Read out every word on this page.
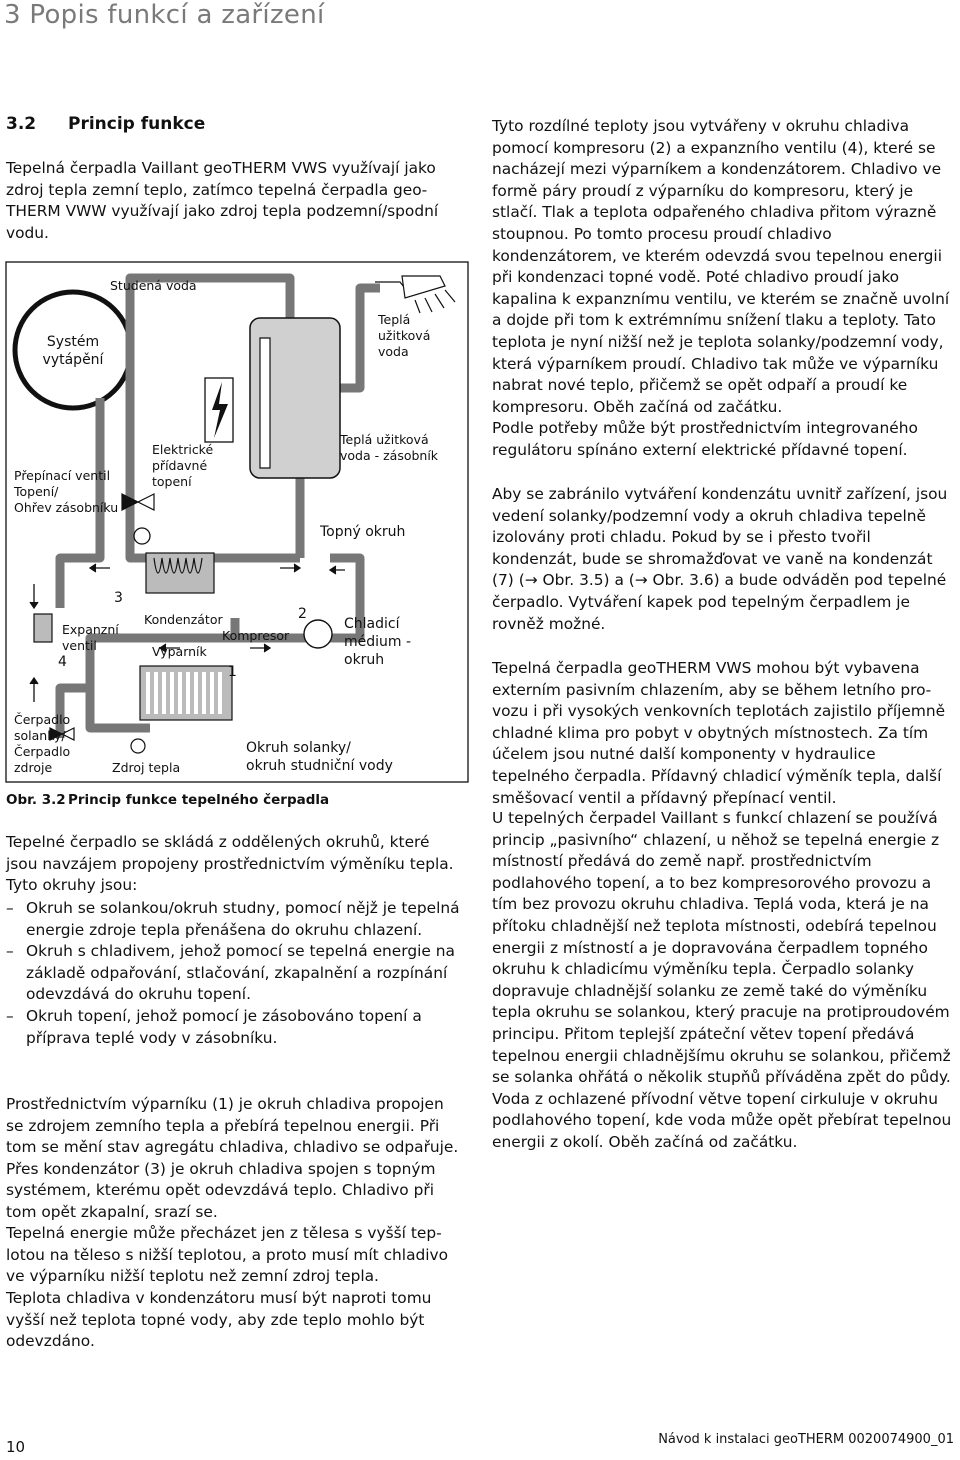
3 Popis funkcí a zařízení
3.2 Princip funkce

Tepelná čerpadla Vaillant geoTHERM VWS využívají jako zdroj tepla zemní teplo, zatímco tepelná čerpadla geoTHERM VWW využívají jako zdroj tepla podzemní/spodní vodu.

Systém
vytápění
Teplá
užitková
voda
Studená voda
Elektrické
přídavné
topení
Teplá užitková
voda - zásobník
Přepínací ventil
Topení/
Ohřev zásobníku
Topný okruh
3
Kondenzátor	2
Kompresor
Expanzní
ventil
4
Výparník
1
Chladicí
médium -
okruh
Čerpadlo
solanky/
Čerpadlo
zdroje	Zdroj tepla
Okruh solanky/
okruh studniční vody
Obr. 3.2 Princip funkce tepelného čerpadla

Tepelné čerpadlo se skládá z oddělených okruhů, které jsou navzájem propojeny prostřednictvím výměníku tepla. Tyto okruhy jsou:

– Okruh se solankou/okruh studny, pomocí nějž je tepelná energie zdroje tepla přenášena do okruhu chlazení.
– Okruh s chladivem, jehož pomocí se tepelná energie na základě odpařování, stlačování, zkapalnění a rozpínání odevzdává do okruhu topení.
– Okruh topení, jehož pomocí je zásobováno topení a příprava teplé vody v zásobníku.

Prostřednictvím výparníku (1) je okruh chladiva propojen se zdrojem zemního tepla a přebírá tepelnou energii. Při tom se mění stav agregátu chladiva, chladivo se odpařuje. Přes kondenzátor (3) je okruh chladiva spojen s topným systémem, kterému opět odevzdává teplo. Chladivo při tom opět zkapalní, srazí se.

Tepelná energie může přecházet jen z tělesa s vyšší teplotou na těleso s nižší teplotou, a proto musí mít chladivo ve výparníku nižší teplotu než zemní zdroj tepla.

Teplota chladiva v kondenzátoru musí být naproti tomu vyšší než teplota topné vody, aby zde teplo mohlo být odevzdáno.

Tyto rozdílné teploty jsou vytvářeny v okruhu chladiva pomocí kompresoru (2) a expanzního ventilu (4), které se nacházejí mezi výparníkem a kondenzátorem. Chladivo ve formě páry proudí z výparníku do kompresoru, který je stlačí. Tlak a teplota odpařeného chladiva přitom výrazně stoupnou. Po tomto procesu proudí chladivo kondenzátorem, ve kterém odevzdá svou tepelnou energii při kondenzaci topné vodě. Poté chladivo proudí jako kapalina k expanznímu ventilu, ve kterém se značně uvolní a dojde při tom k extrémnímu snížení tlaku a teploty. Tato teplota je nyní nižší než je teplota solanky/podzemní vody, která výparníkem proudí. Chladivo tak může ve výparníku nabrat nové teplo, přičemž se opět odpaří a proudí ke kompresoru. Oběh začíná od začátku.

Podle potřeby může být prostřednictvím integrovaného regulátoru spínáno externí elektrické přídavné topení.

Aby se zabránilo vytváření kondenzátu uvnitř zařízení, jsou vedení solanky/podzemní vody a okruh chladiva tepelně izolovány proti chladu. Pokud by se i přesto tvořil kondenzát, bude se shromažďovat ve vaně na kondenzát (7) (→ Obr. 3.5) a (→ Obr. 3.6) a bude odváděn pod tepelné čerpadlo. Vytváření kapek pod tepelným čerpadlem je rovněž možné.

Tepelná čerpadla geoTHERM VWS mohou být vybavena externím pasivním chlazením, aby se během letního provozu i při vysokých venkovních teplotách zajistilo příjemně chladné klima pro pobyt v obytných místnostech. Za tím účelem jsou nutné další komponenty v hydraulice tepelného čerpadla. Přídavný chladicí výměník tepla, další směšovací ventil a přídavný přepínací ventil.

U tepelných čerpadel Vaillant s funkcí chlazení se používá princip „pasivního“ chlazení, u něhož se tepelná energie z místností předává do země např. prostřednictvím podlahového topení, a to bez kompresorového provozu a tím bez provozu okruhu chladiva. Teplá voda, která je na přítoku chladnější než teplota místnosti, odebírá tepelnou energii z místností a je dopravována čerpadlem topného okruhu k chladicímu výměníku tepla. Čerpadlo solanky dopravuje chladnější solanku ze země také do výměníku tepla okruhu se solankou, který pracuje na protiproudovém principu. Přitom teplejší zpáteční větev topení předává tepelnou energii chladnějšímu okruhu se solankou, přičemž se solanka ohřátá o několik stupňů příváděna zpět do půdy. Voda z ochlazené přívodní větve topení cirkuluje v okruhu podlahového topení, kde voda může opět přebírat tepelnou energii z okolí. Oběh začíná od začátku.

10	Návod k instalaci geoTHERM 0020074900_01
